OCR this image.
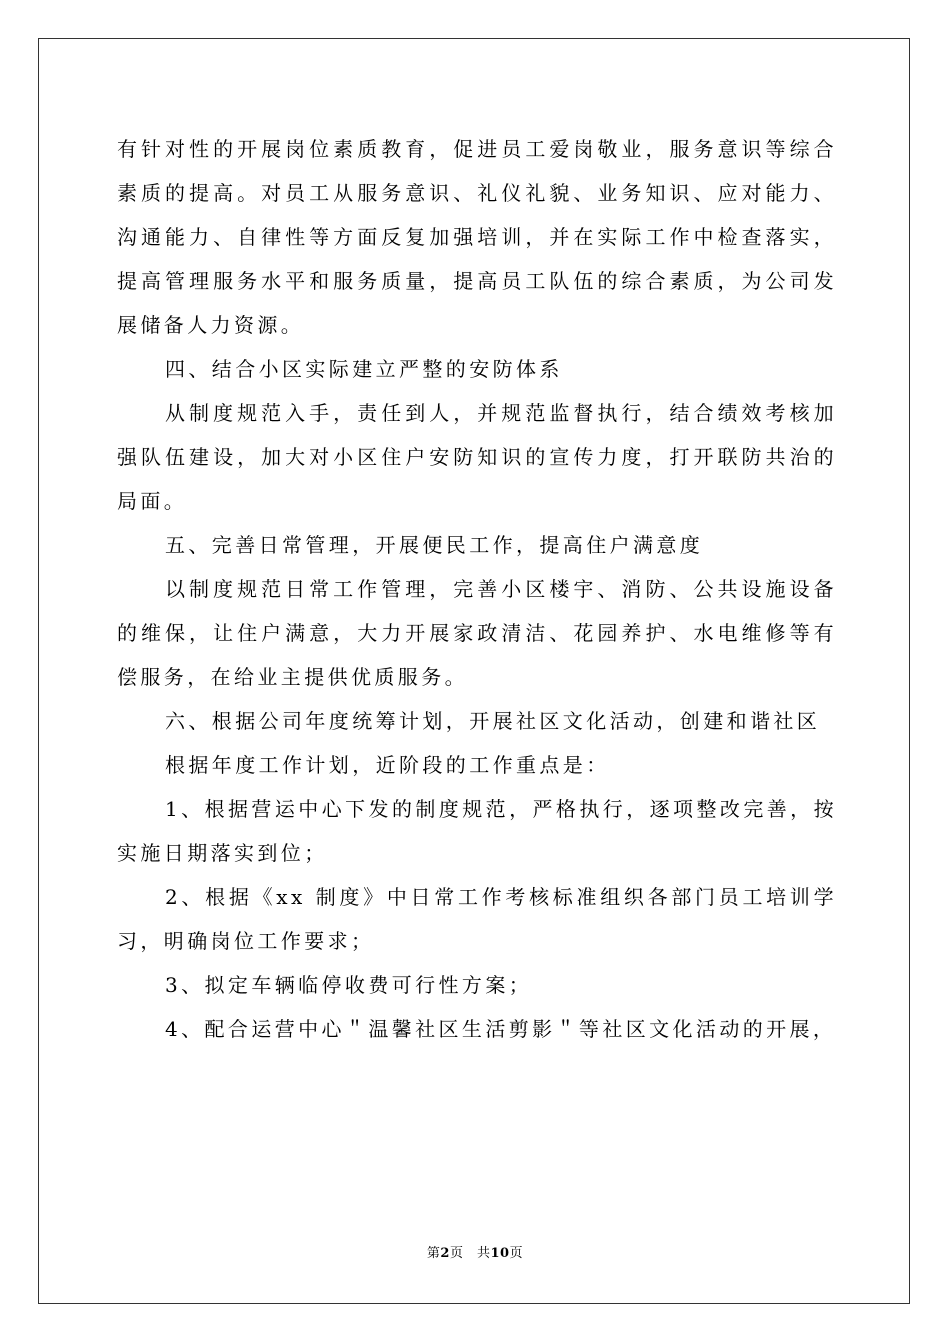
有针对性的开展岗位素质教育，促进员工爱岗敬业，服务意识等综合素质的提高。对员工从服务意识、礼仪礼貌、业务知识、应对能力、沟通能力、自律性等方面反复加强培训，并在实际工作中检查落实，提高管理服务水平和服务质量，提高员工队伍的综合素质，为公司发展储备人力资源。

四、结合小区实际建立严整的安防体系

从制度规范入手，责任到人，并规范监督执行，结合绩效考核加强队伍建设，加大对小区住户安防知识的宣传力度，打开联防共治的局面。

五、完善日常管理，开展便民工作，提高住户满意度

以制度规范日常工作管理，完善小区楼宇、消防、公共设施设备的维保，让住户满意，大力开展家政清洁、花园养护、水电维修等有偿服务，在给业主提供优质服务。

六、根据公司年度统筹计划，开展社区文化活动，创建和谐社区

根据年度工作计划，近阶段的工作重点是：

1、根据营运中心下发的制度规范，严格执行，逐项整改完善，按实施日期落实到位；

2、根据《xx 制度》中日常工作考核标准组织各部门员工培训学习，明确岗位工作要求；

3、拟定车辆临停收费可行性方案；

4、配合运营中心＂温馨社区生活剪影＂等社区文化活动的开展，

第2页　共10页
